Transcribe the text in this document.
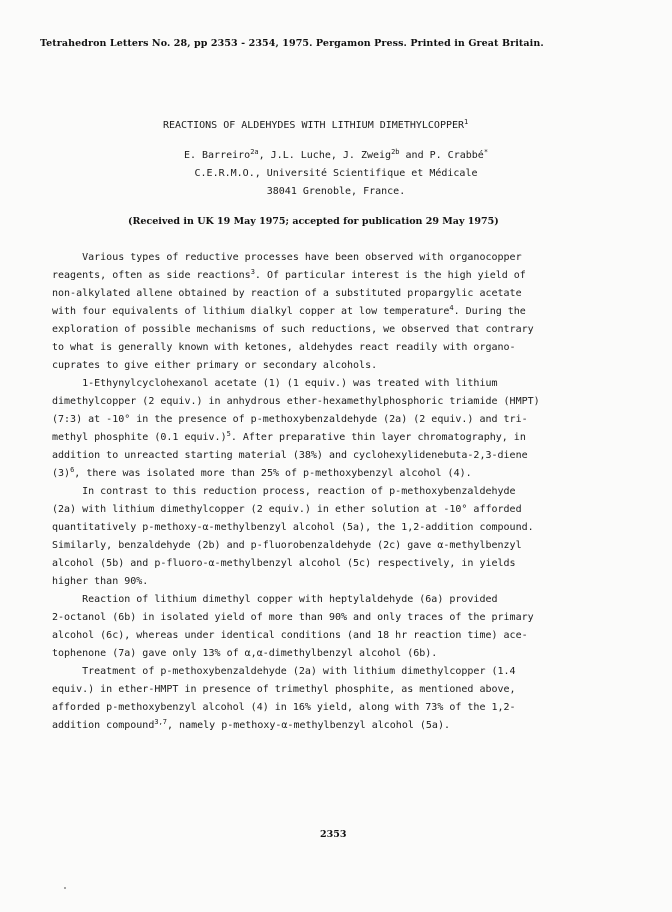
Tetrahedron Letters No. 28, pp 2353 - 2354, 1975. Pergamon Press. Printed in Great Britain.
REACTIONS OF ALDEHYDES WITH LITHIUM DIMETHYLCOPPER$^1$
E. Barreiro$^{2a}$, J.L. Luche, J. Zweig$^{2b}$ and P. Crabbé*
C.E.R.M.O., Université Scientifique et Médicale
38041 Grenoble, France.
(Received in UK 19 May 1975; accepted for publication 29 May 1975)
Various types of reductive processes have been observed with organocopper
reagents, often as side reactions$^3$. Of particular interest is the high yield of
non-alkylated allene obtained by reaction of a substituted propargylic acetate
with four equivalents of lithium dialkyl copper at low temperature$^4$. During the
exploration of possible mechanisms of such reductions, we observed that contrary
to what is generally known with ketones, aldehydes react readily with organo-
cuprates to give either primary or secondary alcohols.
1-Ethynylcyclohexanol acetate (1) (1 equiv.) was treated with lithium
dimethylcopper (2 equiv.) in anhydrous ether-hexamethylphosphoric triamide (HMPT)
(7:3) at -10° in the presence of p-methoxybenzaldehyde (2a) (2 equiv.) and tri-
methyl phosphite (0.1 equiv.)$^5$. After preparative thin layer chromatography, in
addition to unreacted starting material (38%) and cyclohexylidenebuta-2,3-diene
$(3)^6$, there was isolated more than 25% of p-methoxybenzyl alcohol (4).
In contrast to this reduction process, reaction of p-methoxybenzaldehyde
(2a) with lithium dimethylcopper (2 equiv.) in ether solution at -10° afforded
quantitatively p-methoxy-α-methylbenzyl alcohol (5a), the 1,2-addition compound.
Similarly, benzaldehyde (2b) and p-fluorobenzaldehyde (2c) gave α-methylbenzyl
alcohol (5b) and p-fluoro-α-methylbenzyl alcohol (5c) respectively, in yields
higher than 90%.
Reaction of lithium dimethyl copper with heptylaldehyde (6a) provided
2-octanol (6b) in isolated yield of more than 90% and only traces of the primary
alcohol (6c), whereas under identical conditions (and 18 hr reaction time) ace-
tophenone (7a) gave only 13% of α,α-dimethylbenzyl alcohol (6b).
Treatment of p-methoxybenzaldehyde (2a) with lithium dimethylcopper (1.4
equiv.) in ether-HMPT in presence of trimethyl phosphite, as mentioned above,
afforded p-methoxybenzyl alcohol (4) in 16% yield, along with 73% of the 1,2-
addition compound$^{3,7}$, namely p-methoxy-α-methylbenzyl alcohol (5a).
2353
